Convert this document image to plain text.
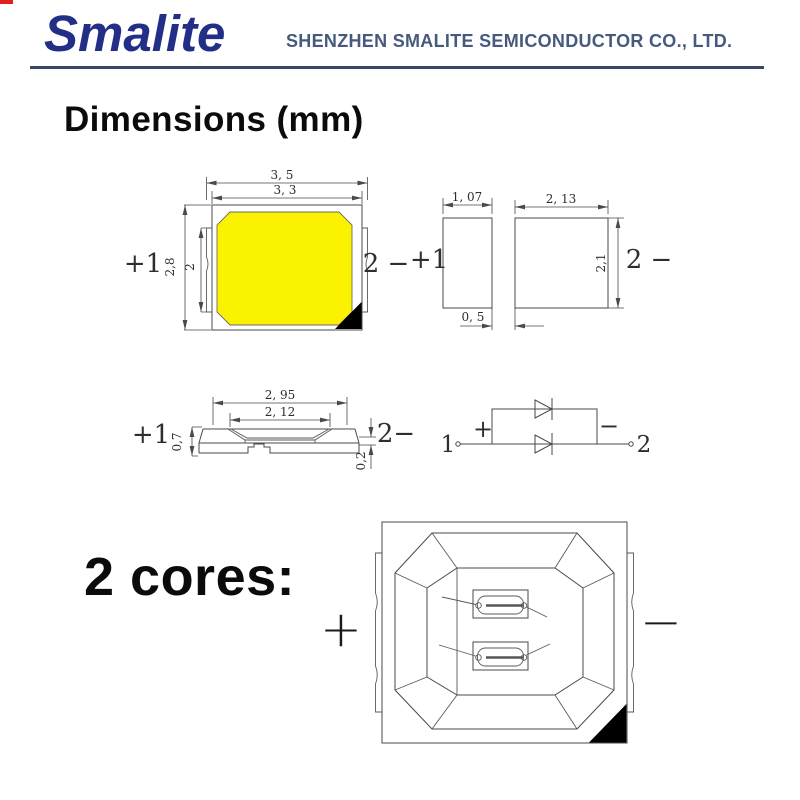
Smalite	SHENZHEN SMALITE SEMICONDUCTOR CO., LTD.
Dimensions (mm)
3, 5
3, 3
2,8 2
+1	2 −
1, 07	2, 13
2,1
0, 5
+1	2 −
2, 95
2, 12
0,7
0,2
+1	2− 1	2
+	−
2 cores:
+	−
